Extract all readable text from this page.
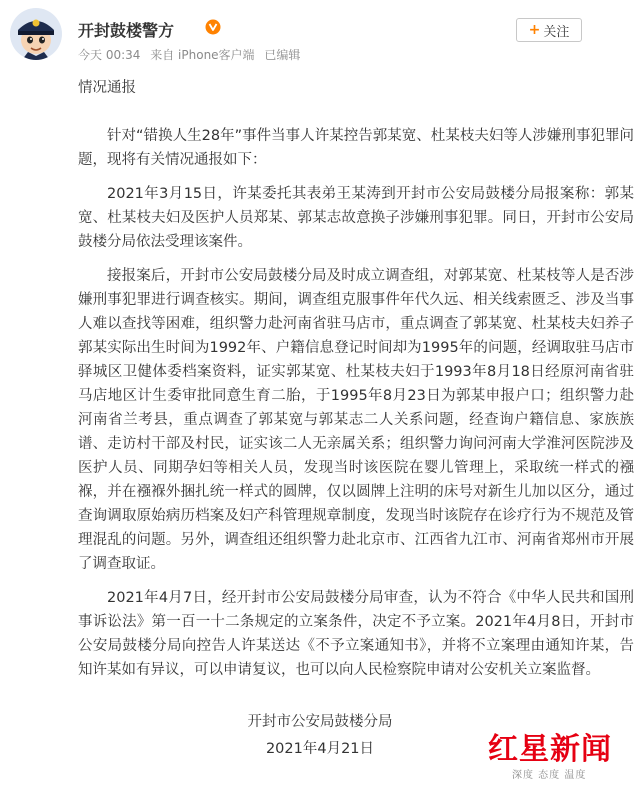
开封鼓楼警方
今天 00:34 来自 iPhone客户端 已编辑
+ 关注
情况通报

针对“错换人生28年”事件当事人许某控告郭某宽、杜某枝夫妇等人涉嫌刑事犯罪问题，现将有关情况通报如下：

2021年3月15日，许某委托其表弟王某涛到开封市公安局鼓楼分局报案称：郭某宽、杜某枝夫妇及医护人员郑某、郭某志故意换子涉嫌刑事犯罪。同日，开封市公安局鼓楼分局依法受理该案件。

接报案后，开封市公安局鼓楼分局及时成立调查组，对郭某宽、杜某枝等人是否涉嫌刑事犯罪进行调查核实。期间，调查组克服事件年代久远、相关线索匮乏、涉及当事人难以查找等困难，组织警力赴河南省驻马店市，重点调查了郭某宽、杜某枝夫妇养子郭某实际出生时间为1992年、户籍信息登记时间却为1995年的问题，经调取驻马店市驿城区卫健体委档案资料，证实郭某宽、杜某枝夫妇于1993年8月18日经原河南省驻马店地区计生委审批同意生育二胎，于1995年8月23日为郭某申报户口；组织警力赴河南省兰考县，重点调查了郭某宽与郭某志二人关系问题，经查询户籍信息、家族族谱、走访村干部及村民，证实该二人无亲属关系；组织警力询问河南大学淮河医院涉及医护人员、同期孕妇等相关人员，发现当时该医院在婴儿管理上，采取统一样式的襁褓，并在襁褓外捆扎统一样式的圆牌，仅以圆牌上注明的床号对新生儿加以区分，通过查询调取原始病历档案及妇产科管理规章制度，发现当时该院存在诊疗行为不规范及管理混乱的问题。另外，调查组还组织警力赴北京市、江西省九江市、河南省郑州市开展了调查取证。

2021年4月7日，经开封市公安局鼓楼分局审查，认为不符合《中华人民共和国刑事诉讼法》第一百一十二条规定的立案条件，决定不予立案。2021年4月8日，开封市公安局鼓楼分局向控告人许某送达《不予立案通知书》，并将不立案理由通知许某，告知许某如有异议，可以申请复议，也可以向人民检察院申请对公安机关立案监督。

开封市公安局鼓楼分局
2021年4月21日	红星新闻
深度 态度 温度
